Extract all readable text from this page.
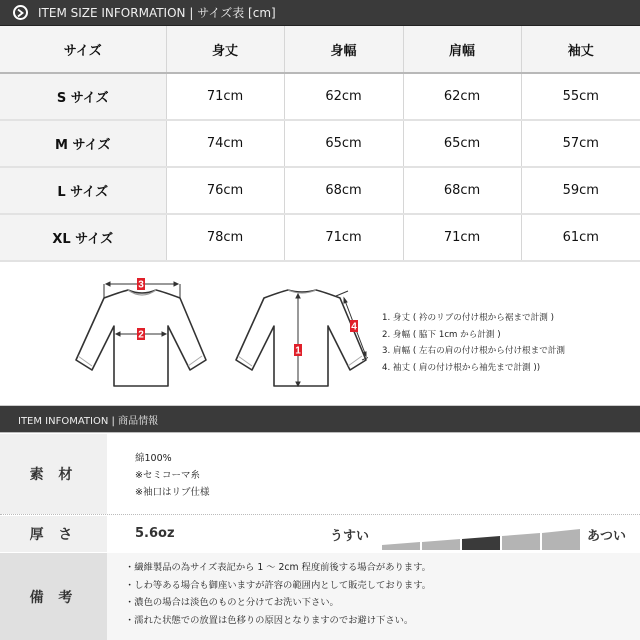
ITEM SIZE INFORMATION | サイズ表 [cm]
サイズ	身丈	身幅	肩幅	袖丈
S サイズ	71cm	62cm	62cm	55cm
M サイズ	74cm	65cm	65cm	57cm
L サイズ	76cm	68cm	68cm	59cm
XL サイズ	78cm	71cm	71cm	61cm
3
2
1
4
1. 身丈 ( 衿のリブの付け根から裾まで計測 )
2. 身幅 ( 脇下 1cm から計測 )
3. 肩幅 ( 左右の肩の付け根から付け根まで計測
4. 袖丈 ( 肩の付け根から袖先まで計測 ))
ITEM INFOMATION | 商品情報
素 材
綿100%
※セミコーマ糸
※袖口はリブ仕様
厚 さ	5.6oz	うすい	あつい
備 考
・繊維製品の為サイズ表記から 1 ～ 2cm 程度前後する場合があります。
・しわ等ある場合も御座いますが許容の範囲内として販売しております。
・濃色の場合は淡色のものと分けてお洗い下さい。
・濡れた状態での放置は色移りの原因となりますのでお避け下さい。
